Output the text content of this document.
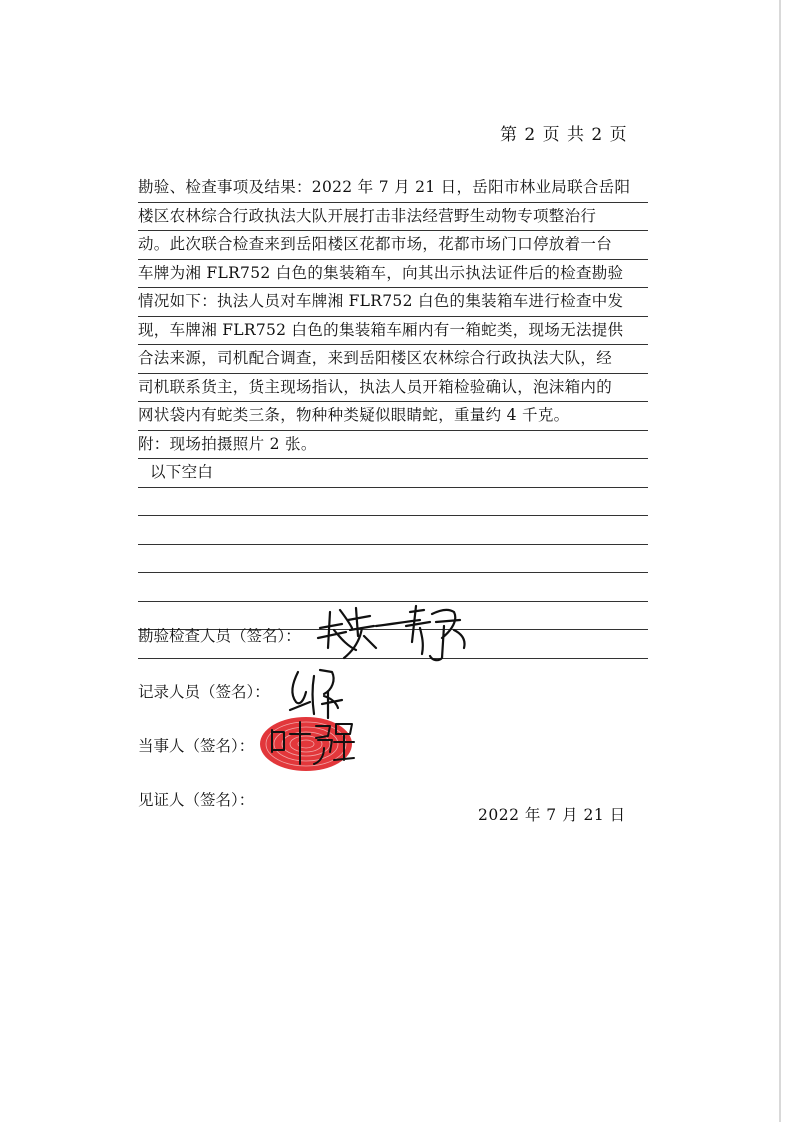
第 2 页 共 2 页
勘验、检查事项及结果：2022 年 7 月 21 日，岳阳市林业局联合岳阳
楼区农林综合行政执法大队开展打击非法经营野生动物专项整治行
动。此次联合检查来到岳阳楼区花都市场，花都市场门口停放着一台
车牌为湘 FLR752 白色的集装箱车，向其出示执法证件后的检查勘验
情况如下：执法人员对车牌湘 FLR752 白色的集装箱车进行检查中发
现，车牌湘 FLR752 白色的集装箱车厢内有一箱蛇类，现场无法提供
合法来源，司机配合调查，来到岳阳楼区农林综合行政执法大队，经
司机联系货主，货主现场指认，执法人员开箱检验确认，泡沫箱内的
网状袋内有蛇类三条，物种种类疑似眼睛蛇，重量约 4 千克。
附：现场拍摄照片 2 张。
以下空白
勘验检查人员（签名）：
记录人员（签名）：
当事人（签名）：
见证人（签名）：
2022 年 7 月 21 日
